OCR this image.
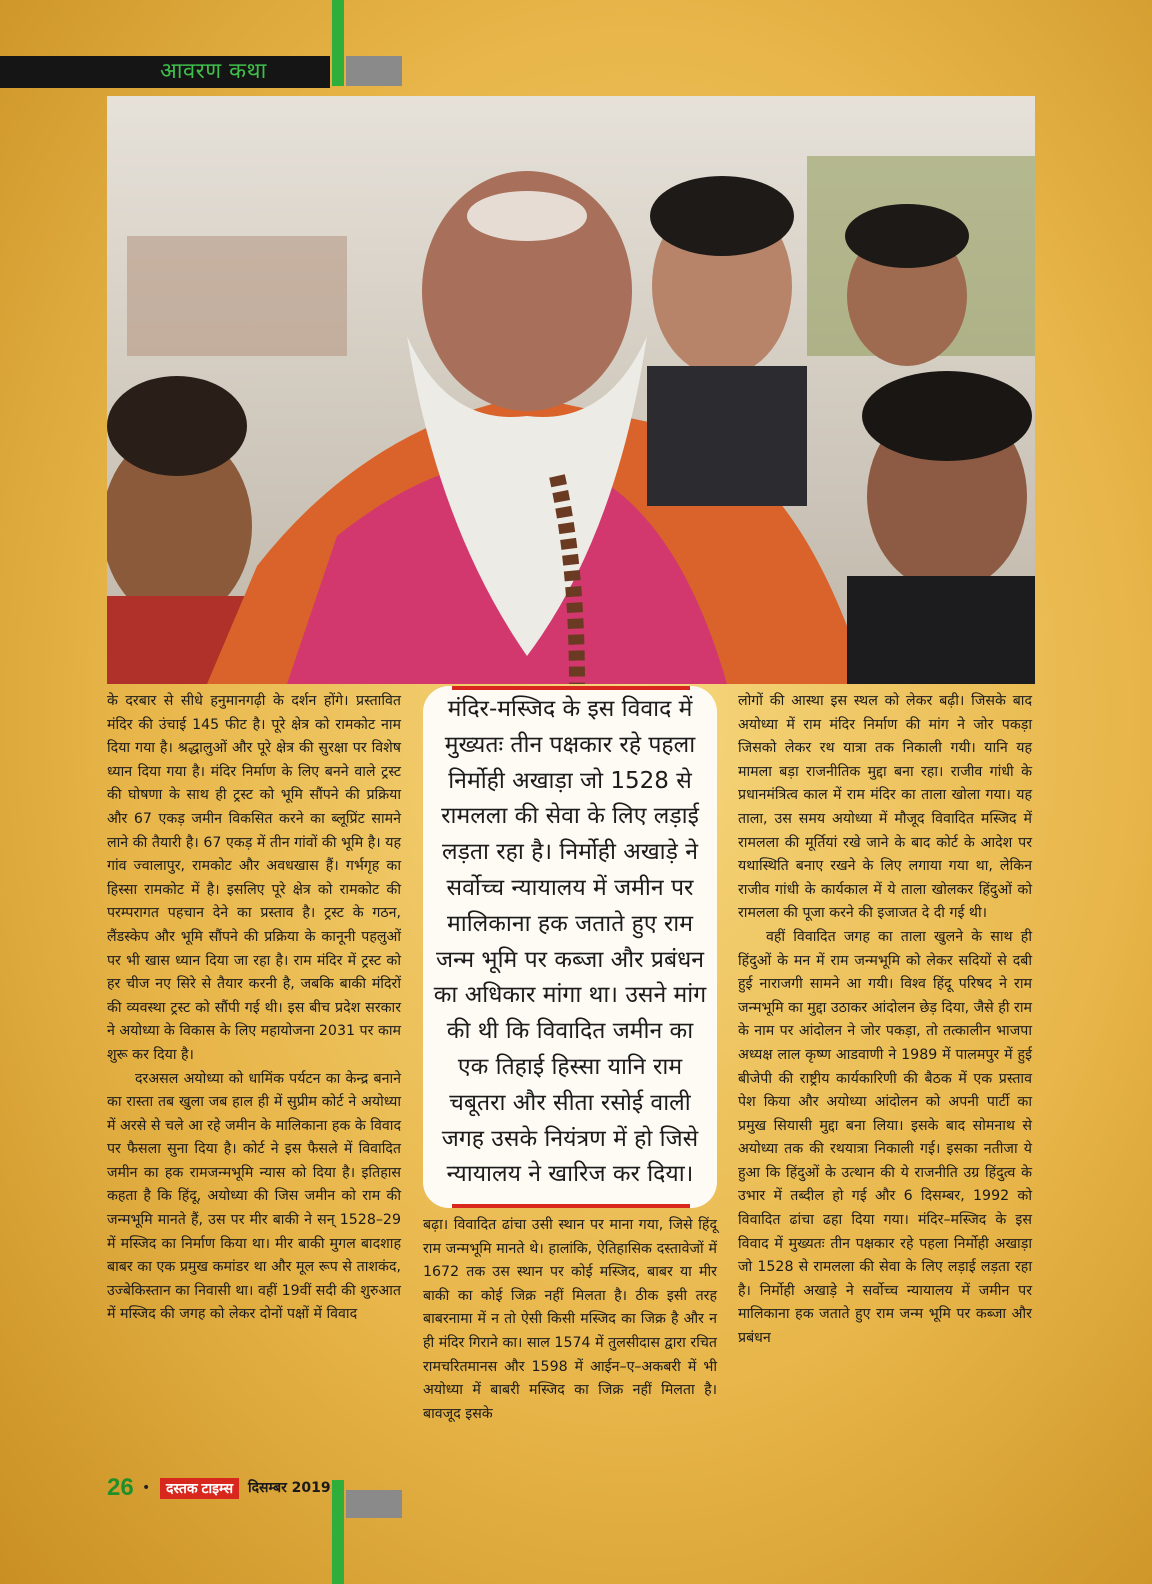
आवरण कथा

के दरबार से सीधे हनुमानगढ़ी के दर्शन होंगे। प्रस्तावित मंदिर की उंचाई 145 फीट है। पूरे क्षेत्र को रामकोट नाम दिया गया है। श्रद्धालुओं और पूरे क्षेत्र की सुरक्षा पर विशेष ध्यान दिया गया है। मंदिर निर्माण के लिए बनने वाले ट्रस्ट की घोषणा के साथ ही ट्रस्ट को भूमि सौंपने की प्रक्रिया और 67 एकड़ जमीन विकसित करने का ब्लूप्रिंट सामने लाने की तैयारी है। 67 एकड़ में तीन गांवों की भूमि है। यह गांव ज्वालापुर, रामकोट और अवधखास हैं। गर्भगृह का हिस्सा रामकोट में है। इसलिए पूरे क्षेत्र को रामकोट की परम्परागत पहचान देने का प्रस्ताव है। ट्रस्ट के गठन, लैंडस्केप और भूमि सौंपने की प्रक्रिया के कानूनी पहलुओं पर भी खास ध्यान दिया जा रहा है। राम मंदिर में ट्रस्ट को हर चीज नए सिरे से तैयार करनी है, जबकि बाकी मंदिरों की व्यवस्था ट्रस्ट को सौंपी गई थी। इस बीच प्रदेश सरकार ने अयोध्या के विकास के लिए महायोजना 2031 पर काम शुरू कर दिया है।

दरअसल अयोध्या को धामिंक पर्यटन का केन्द्र बनाने का रास्ता तब खुला जब हाल ही में सुप्रीम कोर्ट ने अयोध्या में अरसे से चले आ रहे जमीन के मालिकाना हक के विवाद पर फैसला सुना दिया है। कोर्ट ने इस फैसले में विवादित जमीन का हक रामजन्मभूमि न्यास को दिया है। इतिहास कहता है कि हिंदू, अयोध्या की जिस जमीन को राम की जन्मभूमि मानते हैं, उस पर मीर बाकी ने सन् 1528–29 में मस्जिद का निर्माण किया था। मीर बाकी मुगल बादशाह बाबर का एक प्रमुख कमांडर था और मूल रूप से ताशकंद, उज्बेकिस्तान का निवासी था। वहीं 19वीं सदी की शुरुआत में मस्जिद की जगह को लेकर दोनों पक्षों में विवाद

मंदिर-मस्जिद के इस विवाद में मुख्यतः तीन पक्षकार रहे पहला निर्मोही अखाड़ा जो 1528 से रामलला की सेवा के लिए लड़ाई लड़ता रहा है। निर्मोही अखाड़े ने सर्वोच्च न्यायालय में जमीन पर मालिकाना हक जताते हुए राम जन्म भूमि पर कब्जा और प्रबंधन का अधिकार मांगा था। उसने मांग की थी कि विवादित जमीन का एक तिहाई हिस्सा यानि राम चबूतरा और सीता रसोई वाली जगह उसके नियंत्रण में हो जिसे न्यायालय ने खारिज कर दिया।

बढ़ा। विवादित ढांचा उसी स्थान पर माना गया, जिसे हिंदू राम जन्मभूमि मानते थे। हालांकि, ऐतिहासिक दस्तावेजों में 1672 तक उस स्थान पर कोई मस्जिद, बाबर या मीर बाकी का कोई जिक्र नहीं मिलता है। ठीक इसी तरह बाबरनामा में न तो ऐसी किसी मस्जिद का जिक्र है और न ही मंदिर गिराने का। साल 1574 में तुलसीदास द्वारा रचित रामचरितमानस और 1598 में आईन–ए–अकबरी में भी अयोध्या में बाबरी मस्जिद का जिक्र नहीं मिलता है। बावजूद इसके

लोगों की आस्था इस स्थल को लेकर बढ़ी। जिसके बाद अयोध्या में राम मंदिर निर्माण की मांग ने जोर पकड़ा जिसको लेकर रथ यात्रा तक निकाली गयी। यानि यह मामला बड़ा राजनीतिक मुद्दा बना रहा। राजीव गांधी के प्रधानमंत्रित्व काल में राम मंदिर का ताला खोला गया। यह ताला, उस समय अयोध्या में मौजूद विवादित मस्जिद में रामलला की मूर्तियां रखे जाने के बाद कोर्ट के आदेश पर यथास्थिति बनाए रखने के लिए लगाया गया था, लेकिन राजीव गांधी के कार्यकाल में ये ताला खोलकर हिंदुओं को रामलला की पूजा करने की इजाजत दे दी गई थी।

वहीं विवादित जगह का ताला खुलने के साथ ही हिंदुओं के मन में राम जन्मभूमि को लेकर सदियों से दबी हुई नाराजगी सामने आ गयी। विश्व हिंदू परिषद ने राम जन्मभूमि का मुद्दा उठाकर आंदोलन छेड़ दिया, जैसे ही राम के नाम पर आंदोलन ने जोर पकड़ा, तो तत्कालीन भाजपा अध्यक्ष लाल कृष्ण आडवाणी ने 1989 में पालमपुर में हुई बीजेपी की राष्ट्रीय कार्यकारिणी की बैठक में एक प्रस्ताव पेश किया और अयोध्या आंदोलन को अपनी पार्टी का प्रमुख सियासी मुद्दा बना लिया। इसके बाद सोमनाथ से अयोध्या तक की रथयात्रा निकाली गई। इसका नतीजा ये हुआ कि हिंदुओं के उत्थान की ये राजनीति उग्र हिंदुत्व के उभार में तब्दील हो गई और 6 दिसम्बर, 1992 को विवादित ढांचा ढहा दिया गया। मंदिर–मस्जिद के इस विवाद में मुख्यतः तीन पक्षकार रहे पहला निर्मोही अखाड़ा जो 1528 से रामलला की सेवा के लिए लड़ाई लड़ता रहा है। निर्मोही अखाड़े ने सर्वोच्च न्यायालय में जमीन पर मालिकाना हक जताते हुए राम जन्म भूमि पर कब्जा और प्रबंधन

26 •	दस्तक टाइम्स	दिसम्बर 2019
